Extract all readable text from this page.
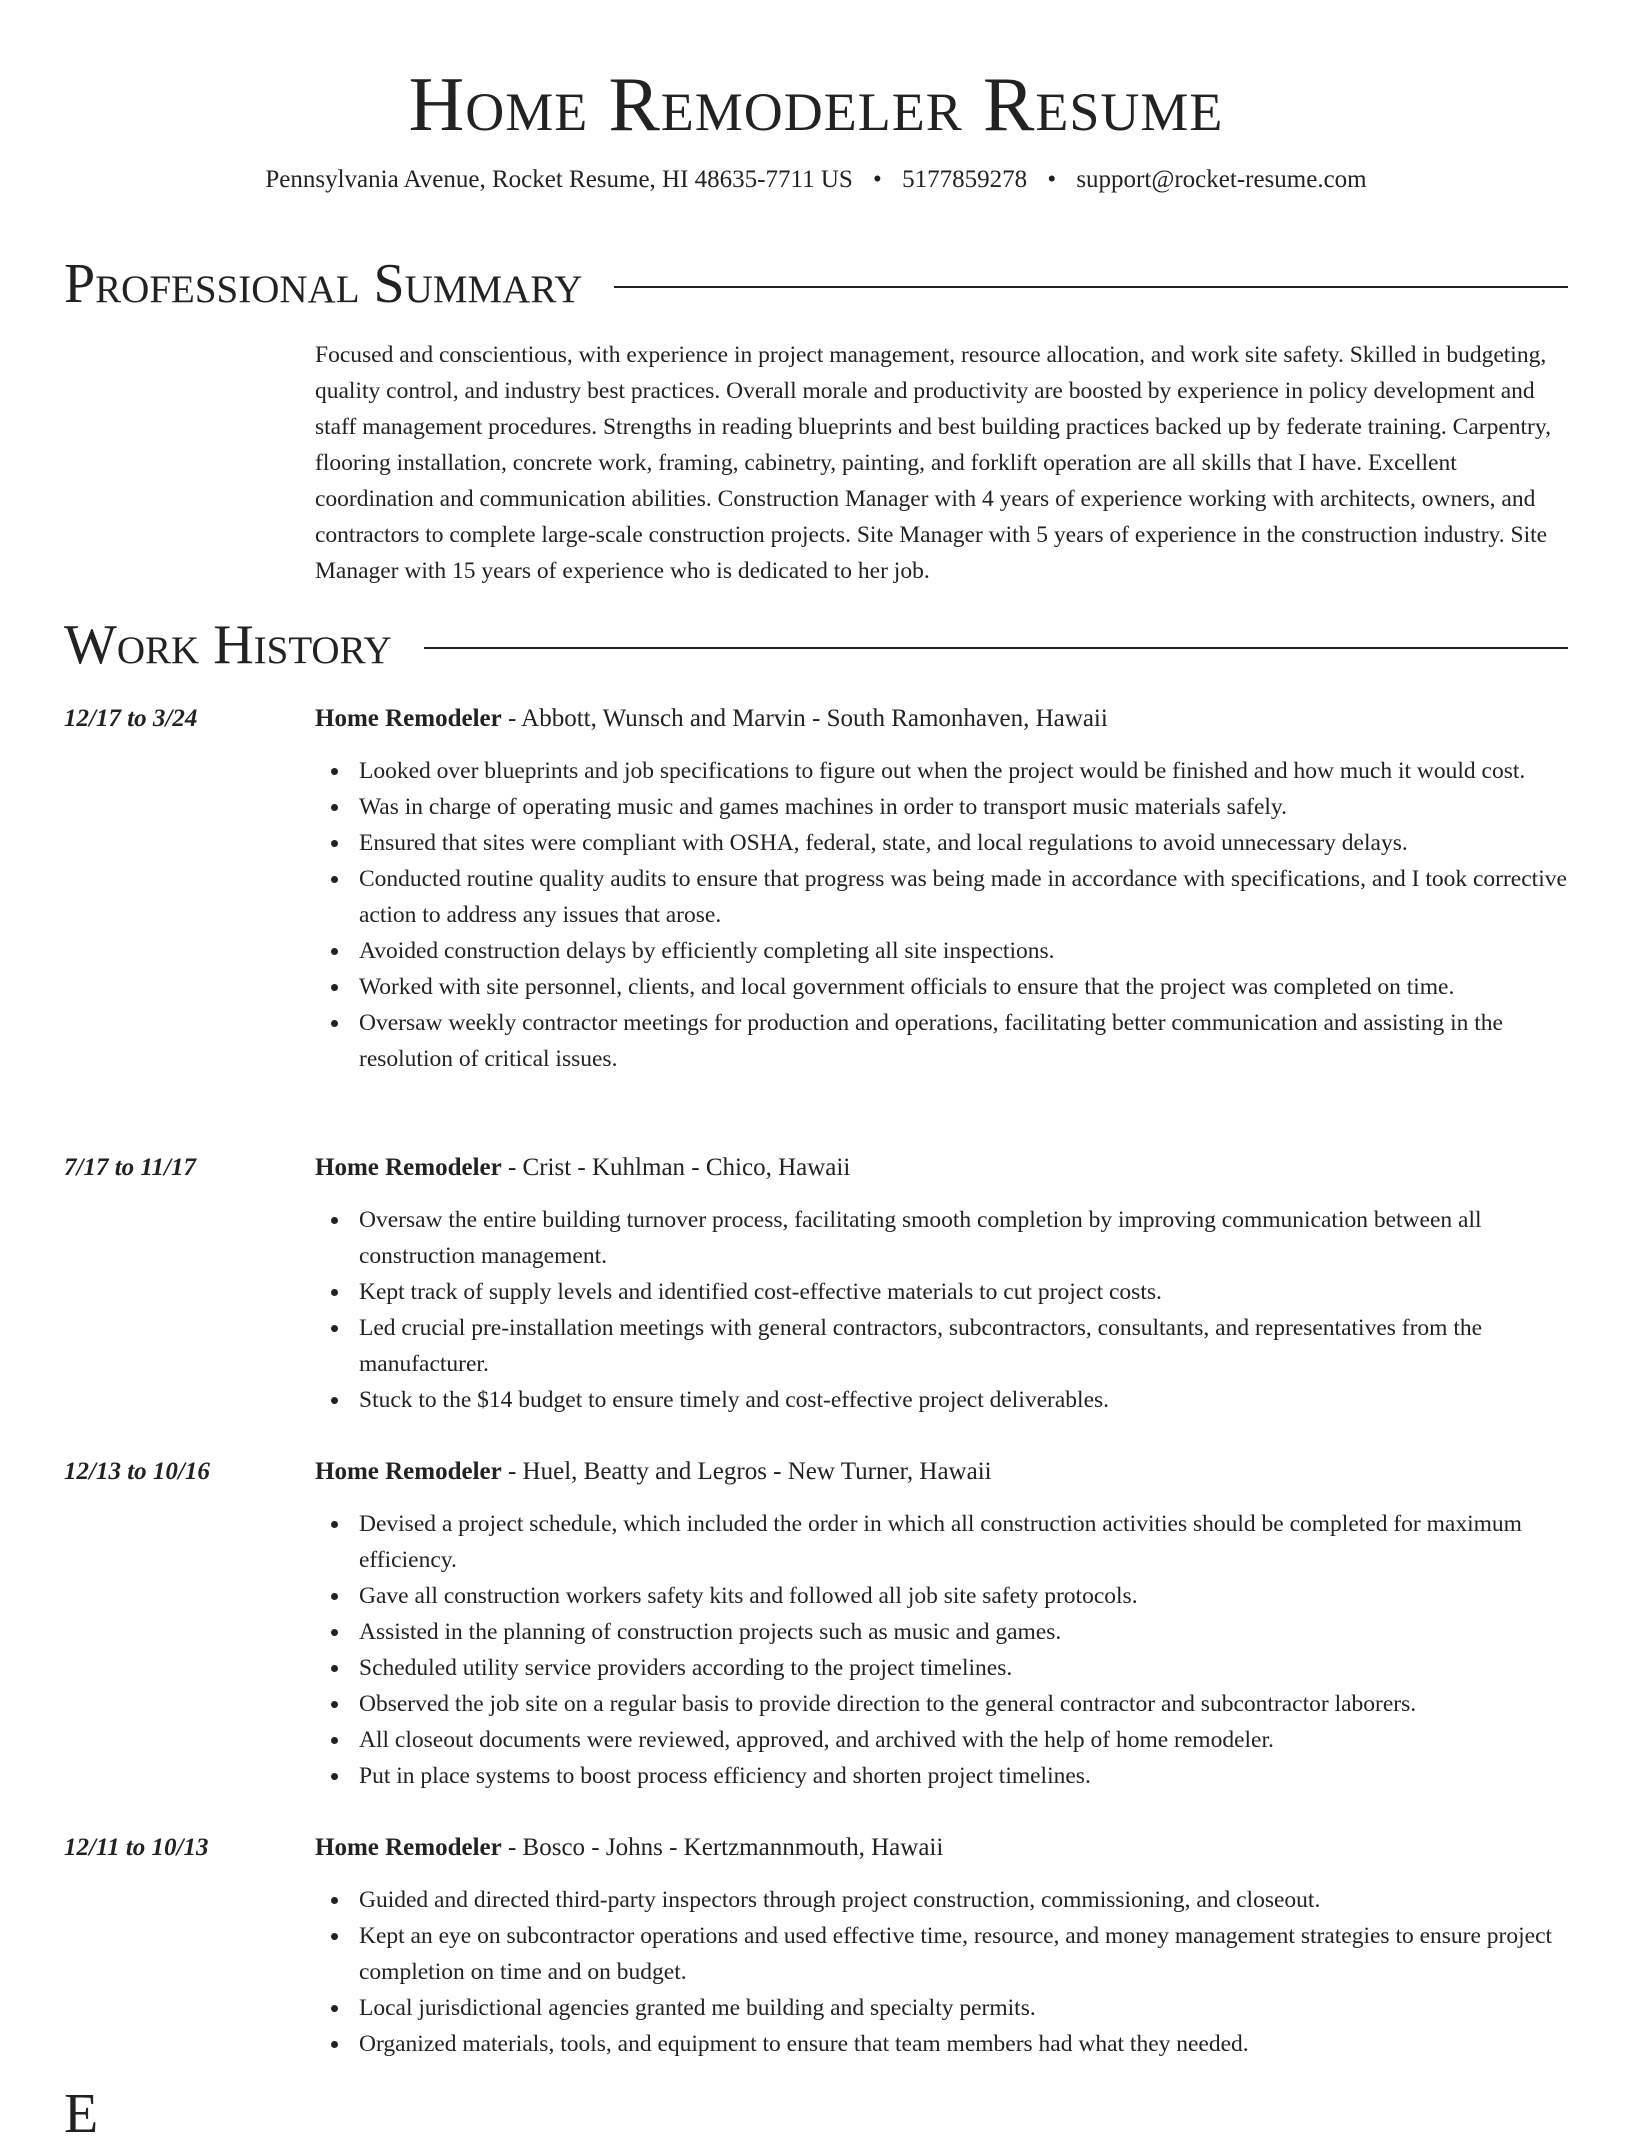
Home Remodeler Resume
Pennsylvania Avenue, Rocket Resume, HI 48635-7711 US • 5177859278 • support@rocket-resume.com
Professional Summary

Focused and conscientious, with experience in project management, resource allocation, and work site safety. Skilled in budgeting, quality control, and industry best practices. Overall morale and productivity are boosted by experience in policy development and staff management procedures. Strengths in reading blueprints and best building practices backed up by federate training. Carpentry, flooring installation, concrete work, framing, cabinetry, painting, and forklift operation are all skills that I have. Excellent coordination and communication abilities. Construction Manager with 4 years of experience working with architects, owners, and contractors to complete large-scale construction projects. Site Manager with 5 years of experience in the construction industry. Site Manager with 15 years of experience who is dedicated to her job.

Work History
12/17 to 3/24	Home Remodeler - Abbott, Wunsch and Marvin - South Ramonhaven, Hawaii
Looked over blueprints and job specifications to figure out when the project would be finished and how much it would cost.
Was in charge of operating music and games machines in order to transport music materials safely.
Ensured that sites were compliant with OSHA, federal, state, and local regulations to avoid unnecessary delays.
Conducted routine quality audits to ensure that progress was being made in accordance with specifications, and I took corrective action to address any issues that arose.
Avoided construction delays by efficiently completing all site inspections.
Worked with site personnel, clients, and local government officials to ensure that the project was completed on time.
Oversaw weekly contractor meetings for production and operations, facilitating better communication and assisting in the resolution of critical issues.
7/17 to 11/17	Home Remodeler - Crist - Kuhlman - Chico, Hawaii
Oversaw the entire building turnover process, facilitating smooth completion by improving communication between all construction management.
Kept track of supply levels and identified cost-effective materials to cut project costs.
Led crucial pre-installation meetings with general contractors, subcontractors, consultants, and representatives from the manufacturer.
Stuck to the $14 budget to ensure timely and cost-effective project deliverables.
12/13 to 10/16	Home Remodeler - Huel, Beatty and Legros - New Turner, Hawaii
Devised a project schedule, which included the order in which all construction activities should be completed for maximum efficiency.
Gave all construction workers safety kits and followed all job site safety protocols.
Assisted in the planning of construction projects such as music and games.
Scheduled utility service providers according to the project timelines.
Observed the job site on a regular basis to provide direction to the general contractor and subcontractor laborers.
All closeout documents were reviewed, approved, and archived with the help of home remodeler.
Put in place systems to boost process efficiency and shorten project timelines.
12/11 to 10/13	Home Remodeler - Bosco - Johns - Kertzmannmouth, Hawaii
Guided and directed third-party inspectors through project construction, commissioning, and closeout.
Kept an eye on subcontractor operations and used effective time, resource, and money management strategies to ensure project completion on time and on budget.
Local jurisdictional agencies granted me building and specialty permits.
Organized materials, tools, and equipment to ensure that team members had what they needed.
E
